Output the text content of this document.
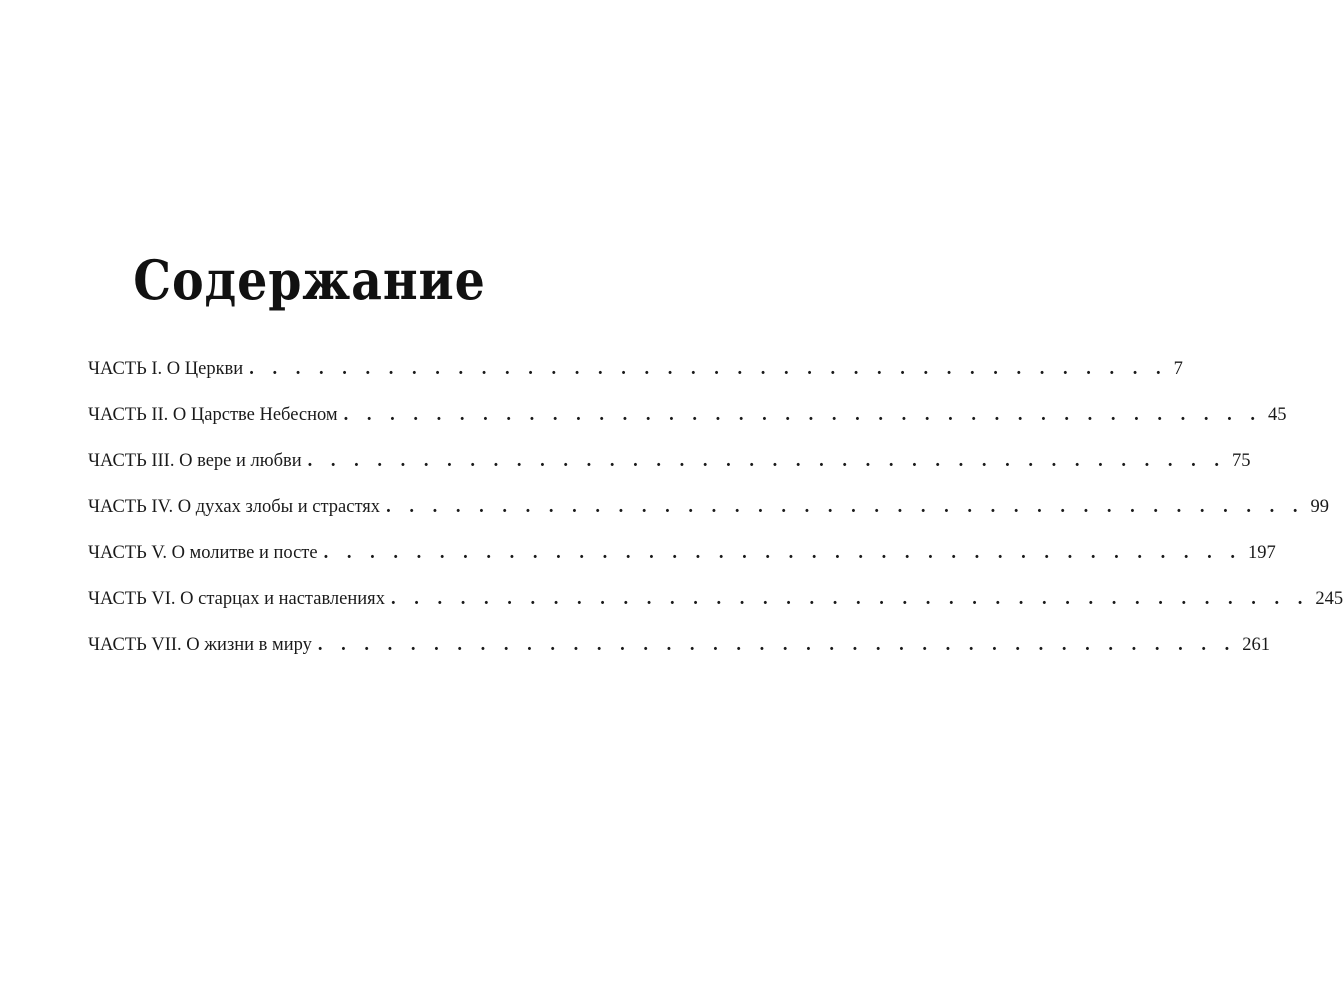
Содержание
ЧАСТЬ I. О Церкви . . . . . . . . . . . . . . . . . . . . . . . . . . . . . . . . . . . . . . . . 7
ЧАСТЬ II. О Царстве Небесном . . . . . . . . . . . . . . . . . . . . . . . . . . . . . . . . . . . . . . . . 45
ЧАСТЬ III. О вере и любви . . . . . . . . . . . . . . . . . . . . . . . . . . . . . . . . . . . . . . . . 75
ЧАСТЬ IV. О духах злобы и страстях . . . . . . . . . . . . . . . . . . . . . . . . . . . . . . . . . . . . . . . . 99
ЧАСТЬ V. О молитве и посте . . . . . . . . . . . . . . . . . . . . . . . . . . . . . . . . . . . . . . . . 197
ЧАСТЬ VI. О старцах и наставлениях . . . . . . . . . . . . . . . . . . . . . . . . . . . . . . . . . . . . . . . . 245
ЧАСТЬ VII. О жизни в миру . . . . . . . . . . . . . . . . . . . . . . . . . . . . . . . . . . . . . . . . 261
